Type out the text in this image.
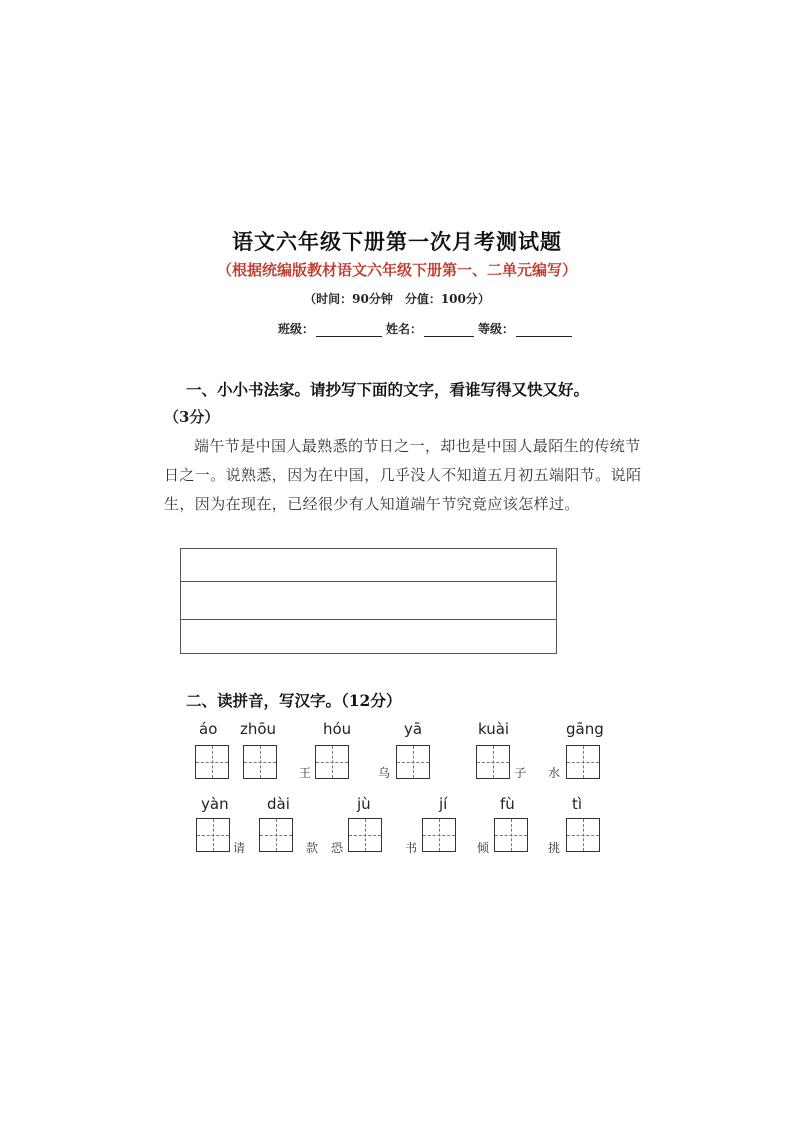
语文六年级下册第一次月考测试题
（根据统编版教材语文六年级下册第一、二单元编写）
（时间：90分钟　分值：100分）
班级：	姓名：	等级：
一、小小书法家。请抄写下面的文字，看谁写得又快又好。
（3分）
端午节是中国人最熟悉的节日之一，却也是中国人最陌生的传统节日之一。说熟悉，因为在中国，几乎没人不知道五月初五端阳节。说陌生，因为在现在，已经很少有人知道端午节究竟应该怎样过。
二、读拼音，写汉字。（12分）
áo zhōu
王
hóu
乌
yā	kuài
子
gāng
水
yàn
请
dài
款
jù
恐
jí
书
fù
倾
tì
挑
